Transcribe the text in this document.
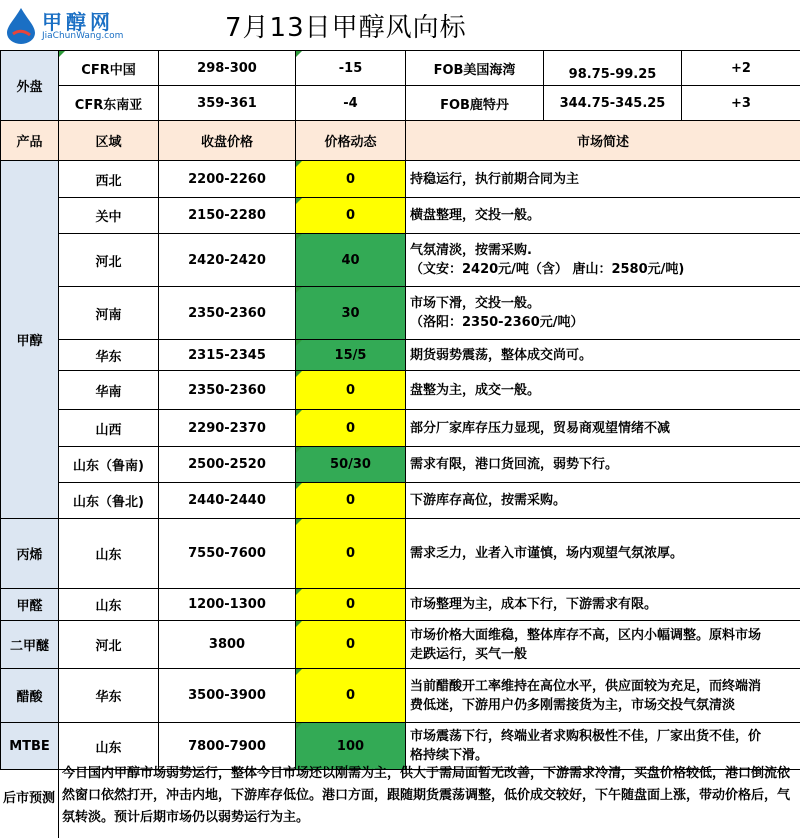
甲醇网
JiaChunWang.com	7月13日甲醇风向标
外盘	CFR中国	298-300	-15	FOB美国海湾	98.75-99.25	+2
	CFR东南亚	359-361	-4	FOB鹿特丹	344.75-345.25	+3
产品	区域	收盘价格	价格动态	市场简述
甲醇	西北	2200-2260	0	持稳运行，执行前期合同为主

	关中	2150-2280	0	横盘整理，交投一般。

	河北	2420-2420	40	气氛清淡，按需采购.
（文安：2420元/吨（含） 唐山：2580元/吨)

	河南	2350-2360	30	市场下滑，交投一般。
（洛阳：2350-2360元/吨）

	华东	2315-2345	15/5	期货弱势震荡，整体成交尚可。

	华南	2350-2360	0	盘整为主，成交一般。

	山西	2290-2370	0	部分厂家库存压力显现，贸易商观望情绪不减

	山东（鲁南)	2500-2520	50/30	需求有限，港口货回流，弱势下行。

	山东（鲁北)	2440-2440	0	下游库存高位，按需采购。

丙烯	山东	7550-7600	0	需求乏力，业者入市谨慎，场内观望气氛浓厚。

甲醛	山东	1200-1300	0	市场整理为主，成本下行，下游需求有限。

二甲醚	河北	3800	0	市场价格大面维稳，整体库存不高，区内小幅调整。原料市场
走跌运行，买气一般

醋酸	华东	3500-3900	0	当前醋酸开工率维持在高位水平，供应面较为充足，而终端消
费低迷，下游用户仍多刚需接货为主，市场交投气氛清淡

MTBE	山东	7800-7900	100	市场震荡下行，终端业者求购积极性不佳，厂家出货不佳，价
格持续下滑。
后市预测
今日国内甲醇市场弱势运行，整体今日市场还以刚需为主，供大于需局面暂无改善，下游需求冷清，买盘价格较低，港口倒流依然窗口依然打开，冲击内地，下游库存低位。港口方面，跟随期货震荡调整，低价成交较好，下午随盘面上涨，带动价格后，气氛转淡。预计后期市场仍以弱势运行为主。
